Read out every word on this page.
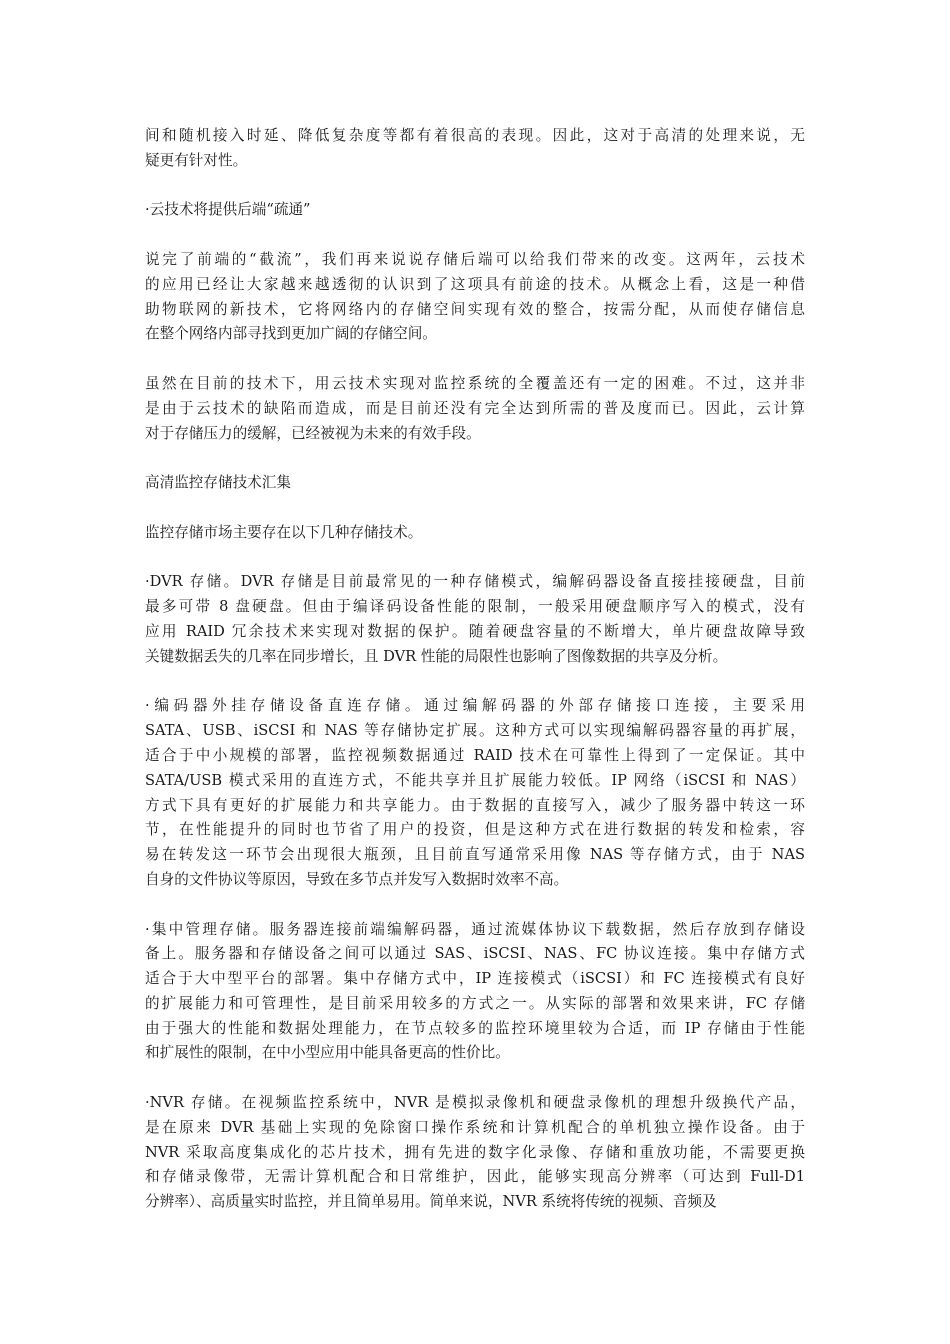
间和随机接入时延、降低复杂度等都有着很高的表现。因此，这对于高清的处理来说，无
疑更有针对性。

·云技术将提供后端“疏通”

说完了前端的“截流”，我们再来说说存储后端可以给我们带来的改变。这两年，云技术
的应用已经让大家越来越透彻的认识到了这项具有前途的技术。从概念上看，这是一种借
助物联网的新技术，它将网络内的存储空间实现有效的整合，按需分配，从而使存储信息
在整个网络内部寻找到更加广阔的存储空间。

虽然在目前的技术下，用云技术实现对监控系统的全覆盖还有一定的困难。不过，这并非
是由于云技术的缺陷而造成，而是目前还没有完全达到所需的普及度而已。因此，云计算
对于存储压力的缓解，已经被视为未来的有效手段。

高清监控存储技术汇集

监控存储市场主要存在以下几种存储技术。

·DVR 存储。DVR 存储是目前最常见的一种存储模式，编解码器设备直接挂接硬盘，目前
最多可带 8 盘硬盘。但由于编译码设备性能的限制，一般采用硬盘顺序写入的模式，没有
应用 RAID 冗余技术来实现对数据的保护。随着硬盘容量的不断增大，单片硬盘故障导致
关键数据丢失的几率在同步增长，且 DVR 性能的局限性也影响了图像数据的共享及分析。

·编码器外挂存储设备直连存储。通过编解码器的外部存储接口连接，主要采用
SATA、USB、iSCSI 和 NAS 等存储协定扩展。这种方式可以实现编解码器容量的再扩展，
适合于中小规模的部署，监控视频数据通过 RAID 技术在可靠性上得到了一定保证。其中
SATA/USB 模式采用的直连方式，不能共享并且扩展能力较低。IP 网络（iSCSI 和 NAS）
方式下具有更好的扩展能力和共享能力。由于数据的直接写入，减少了服务器中转这一环
节，在性能提升的同时也节省了用户的投资，但是这种方式在进行数据的转发和检索，容
易在转发这一环节会出现很大瓶颈，且目前直写通常采用像 NAS 等存储方式，由于 NAS
自身的文件协议等原因，导致在多节点并发写入数据时效率不高。

·集中管理存储。服务器连接前端编解码器，通过流媒体协议下载数据，然后存放到存储设
备上。服务器和存储设备之间可以通过 SAS、iSCSI、NAS、FC 协议连接。集中存储方式
适合于大中型平台的部署。集中存储方式中，IP 连接模式（iSCSI）和 FC 连接模式有良好
的扩展能力和可管理性，是目前采用较多的方式之一。从实际的部署和效果来讲，FC 存储
由于强大的性能和数据处理能力，在节点较多的监控环境里较为合适，而 IP 存储由于性能
和扩展性的限制，在中小型应用中能具备更高的性价比。

·NVR 存储。在视频监控系统中，NVR 是模拟录像机和硬盘录像机的理想升级换代产品，
是在原来 DVR 基础上实现的免除窗口操作系统和计算机配合的单机独立操作设备。由于
NVR 采取高度集成化的芯片技术，拥有先进的数字化录像、存储和重放功能，不需要更换
和存储录像带，无需计算机配合和日常维护，因此，能够实现高分辨率（可达到 Full-D1
分辨率）、高质量实时监控，并且简单易用。简单来说，NVR 系统将传统的视频、音频及
